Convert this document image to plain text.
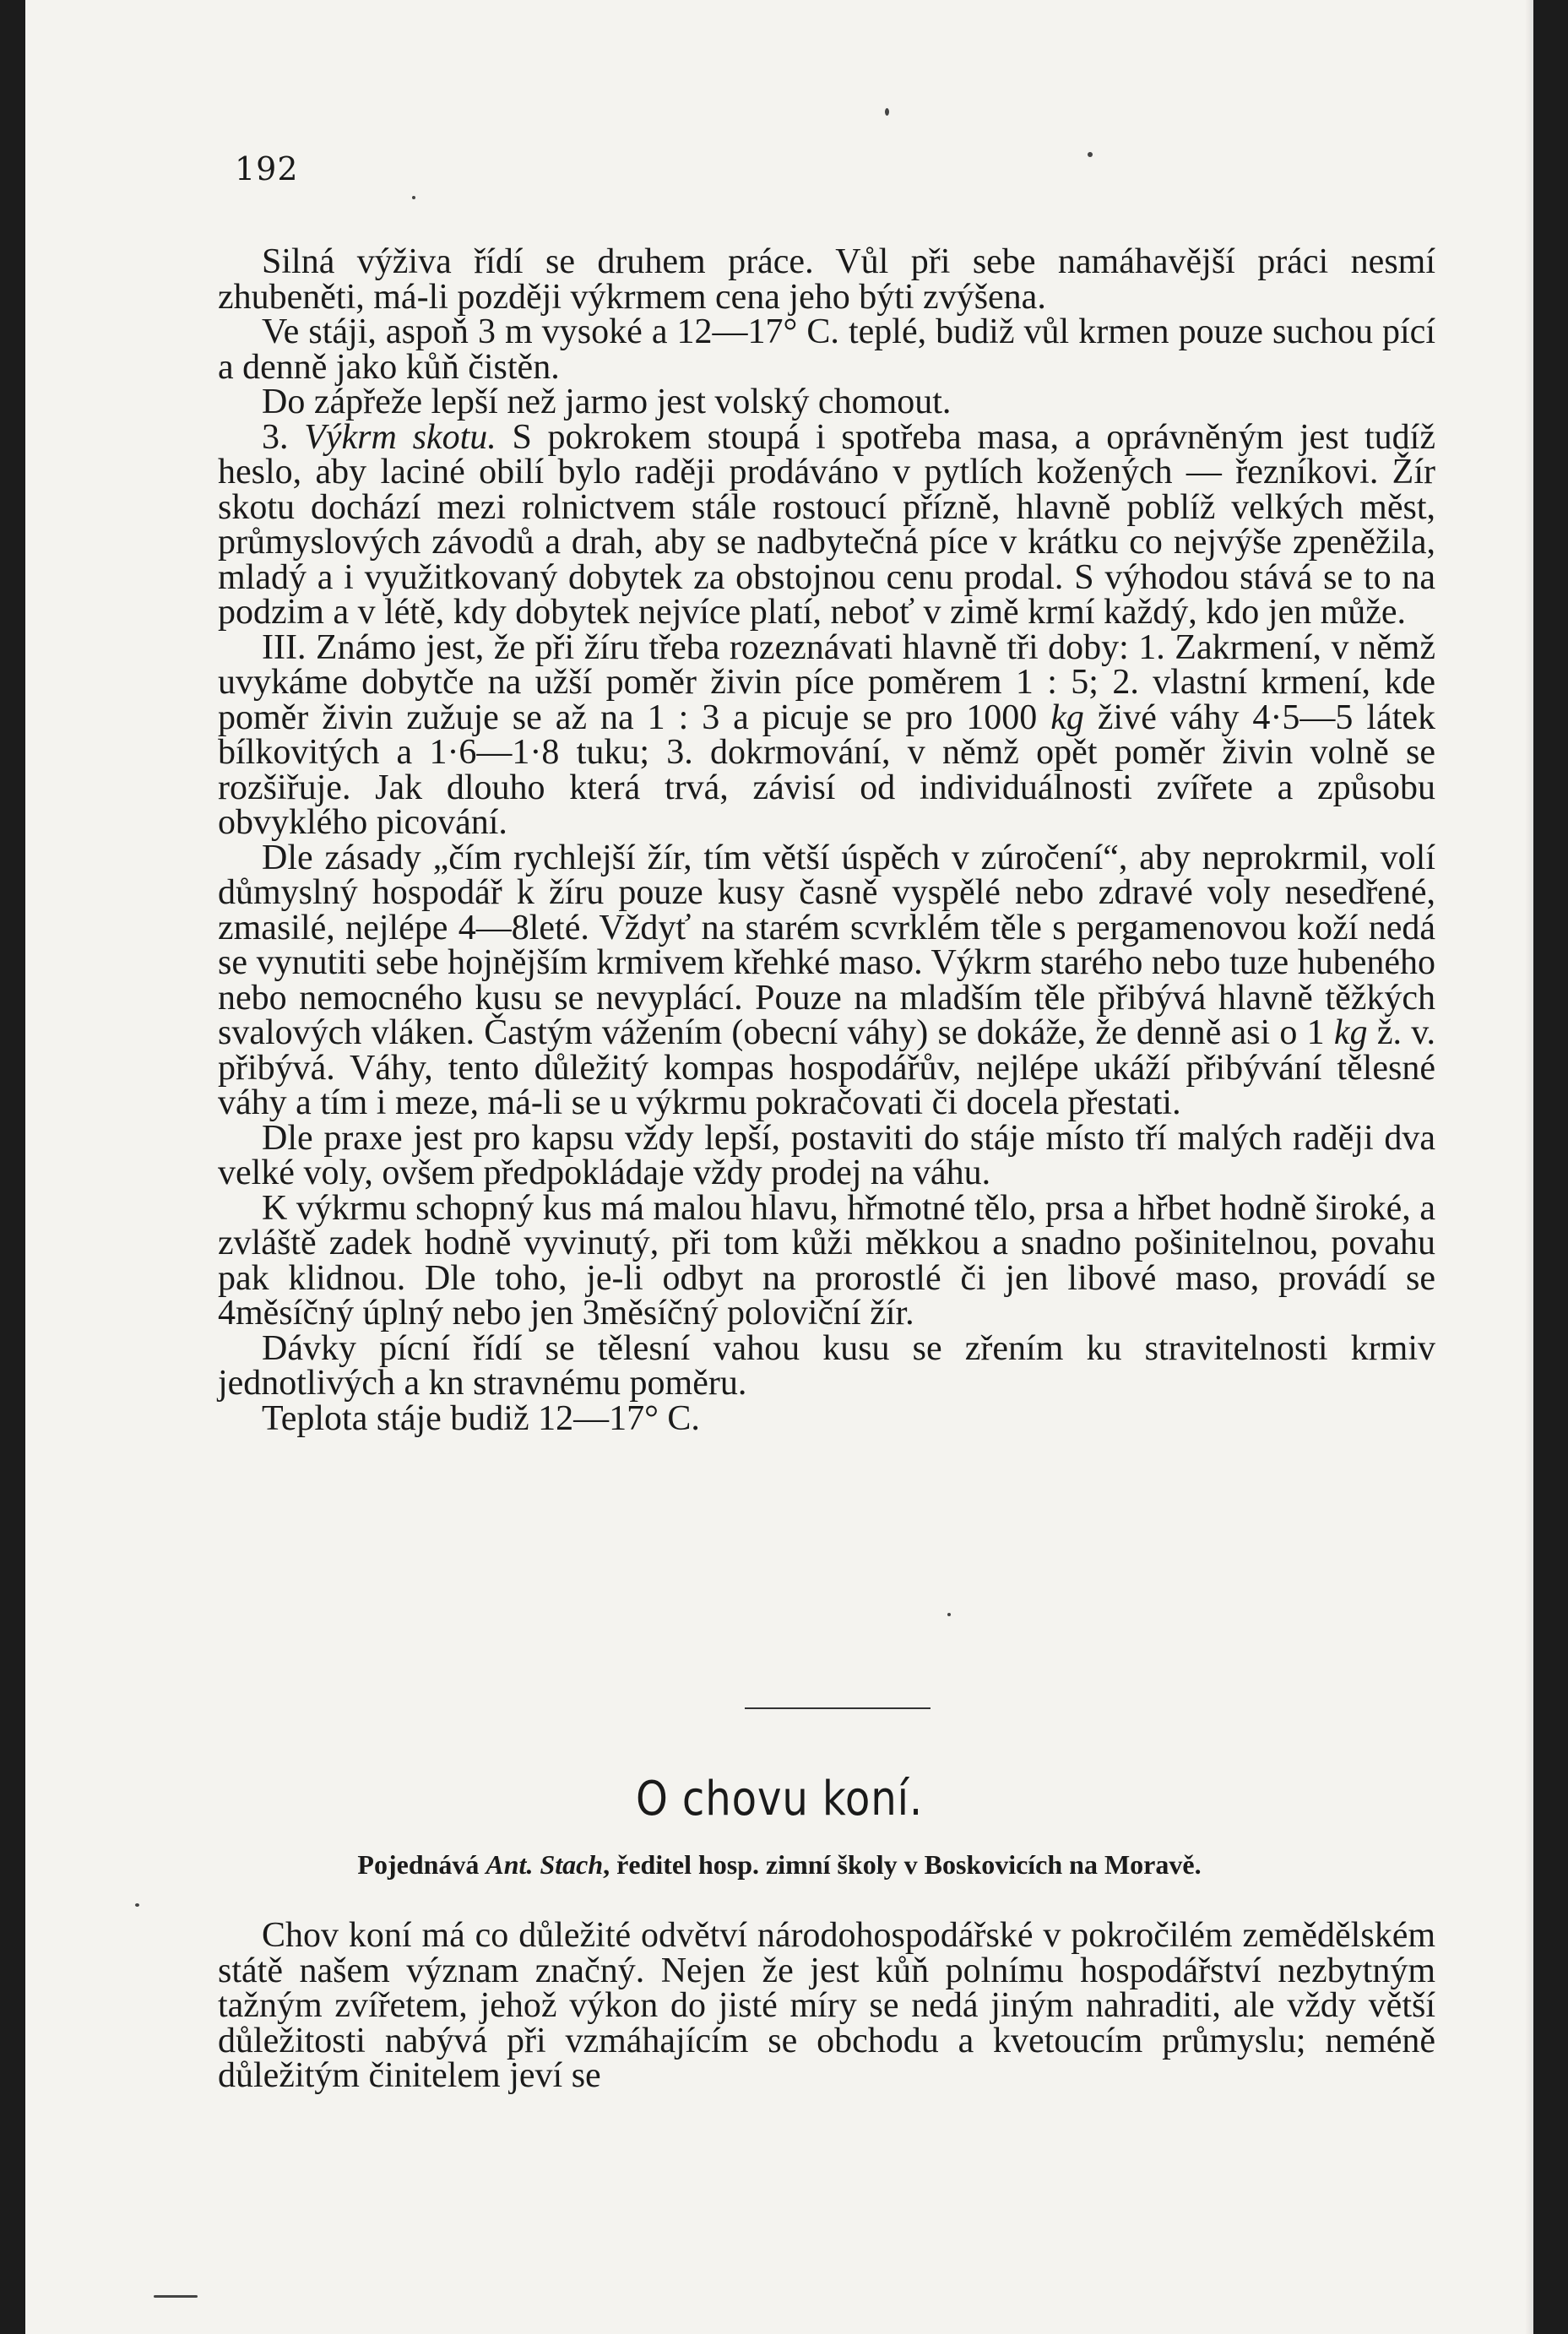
192

Silná výživa řídí se druhem práce. Vůl při sebe namáhavější práci nesmí zhubeněti, má-li později výkrmem cena jeho býti zvýšena.

Ve stáji, aspoň 3 m vysoké a 12—17° C. teplé, budiž vůl krmen pouze suchou pící a denně jako kůň čistěn.

Do zápřeže lepší než jarmo jest volský chomout.

3. Výkrm skotu. S pokrokem stoupá i spotřeba masa, a oprávněným jest tudíž heslo, aby laciné obilí bylo raději prodáváno v pytlích kožených — řezníkovi. Žír skotu dochází mezi rolnictvem stále rostoucí přízně, hlavně poblíž velkých měst, průmyslových závodů a drah, aby se nadbytečná píce v krátku co nejvýše zpeněžila, mladý a i využitkovaný dobytek za obstojnou cenu prodal. S výhodou stává se to na podzim a v létě, kdy dobytek nejvíce platí, neboť v zimě krmí každý, kdo jen může.

III. Známo jest, že při žíru třeba rozeznávati hlavně tři doby: 1. Zakrmení, v němž uvykáme dobytče na užší poměr živin píce poměrem 1 : 5; 2. vlastní krmení, kde poměr živin zužuje se až na 1 : 3 a picuje se pro 1000 kg živé váhy 4·5—5 látek bílkovitých a 1·6—1·8 tuku; 3. dokrmování, v němž opět poměr živin volně se rozšiřuje. Jak dlouho která trvá, závisí od individuálnosti zvířete a způsobu obvyklého picování.

Dle zásady „čím rychlejší žír, tím větší úspěch v zúročení“, aby neprokrmil, volí důmyslný hospodář k žíru pouze kusy časně vyspělé nebo zdravé voly nesedřené, zmasilé, nejlépe 4—8leté. Vždyť na starém scvrklém těle s pergamenovou koží nedá se vynutiti sebe hojnějším krmivem křehké maso. Výkrm starého nebo tuze hubeného nebo nemocného kusu se nevyplácí. Pouze na mladším těle přibývá hlavně těžkých svalových vláken. Častým vážením (obecní váhy) se dokáže, že denně asi o 1 kg ž. v. přibývá. Váhy, tento důležitý kompas hospodářův, nejlépe ukáží přibývání tělesné váhy a tím i meze, má-li se u výkrmu pokračovati či docela přestati.

Dle praxe jest pro kapsu vždy lepší, postaviti do stáje místo tří malých raději dva velké voly, ovšem předpokládaje vždy prodej na váhu.

K výkrmu schopný kus má malou hlavu, hřmotné tělo, prsa a hřbet hodně široké, a zvláště zadek hodně vyvinutý, při tom kůži měkkou a snadno pošinitelnou, povahu pak klidnou. Dle toho, je-li odbyt na prorostlé či jen libové maso, provádí se 4měsíčný úplný nebo jen 3měsíčný poloviční žír.

Dávky pícní řídí se tělesní vahou kusu se zřením ku stravitelnosti krmiv jednotlivých a kn stravnému poměru.

Teplota stáje budiž 12—17° C.

O chovu koní.
Pojednává Ant. Stach, ředitel hosp. zimní školy v Boskovicích na Moravě.

Chov koní má co důležité odvětví národohospodářské v pokročilém zemědělském státě našem význam značný. Nejen že jest kůň polnímu hospodářství nezbytným tažným zvířetem, jehož výkon do jisté míry se nedá jiným nahraditi, ale vždy větší důležitosti nabývá při vzmáhajícím se obchodu a kvetoucím průmyslu; neméně důležitým činitelem jeví se
